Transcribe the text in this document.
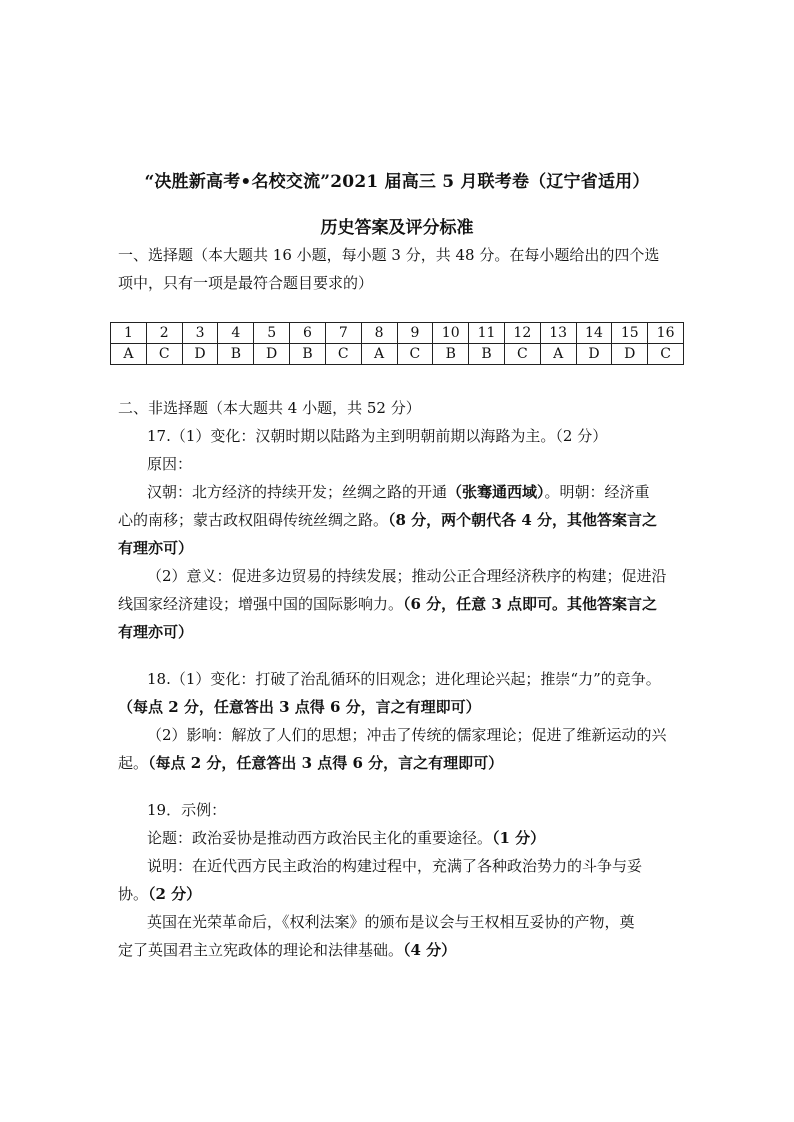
“决胜新高考•名校交流”2021 届高三 5 月联考卷（辽宁省适用）
历史答案及评分标准
一、选择题（本大题共 16 小题，每小题 3 分，共 48 分。在每小题给出的四个选
项中，只有一项是最符合题目要求的）
1	2	3	4	5	6	7	8	9	10	11	12	13	14	15	16
A	C	D	B	D	B	C	A	C	B	B	C	A	D	D	C
二、非选择题（本大题共 4 小题，共 52 分）
17.（1）变化：汉朝时期以陆路为主到明朝前期以海路为主。（2 分）
原因：
汉朝：北方经济的持续开发；丝绸之路的开通（张骞通西域）。明朝：经济重
心的南移；蒙古政权阻碍传统丝绸之路。（8 分，两个朝代各 4 分，其他答案言之
有理亦可）
（2）意义：促进多边贸易的持续发展；推动公正合理经济秩序的构建；促进沿
线国家经济建设；增强中国的国际影响力。（6 分，任意 3 点即可。其他答案言之
有理亦可）
18.（1）变化：打破了治乱循环的旧观念；进化理论兴起；推崇“力”的竞争。
（每点 2 分，任意答出 3 点得 6 分，言之有理即可）
（2）影响：解放了人们的思想；冲击了传统的儒家理论；促进了维新运动的兴
起。（每点 2 分，任意答出 3 点得 6 分，言之有理即可）
19．示例：
论题：政治妥协是推动西方政治民主化的重要途径。（1 分）
说明：在近代西方民主政治的构建过程中，充满了各种政治势力的斗争与妥
协。（2 分）
英国在光荣革命后，《权利法案》的颁布是议会与王权相互妥协的产物，奠
定了英国君主立宪政体的理论和法律基础。（4 分）
